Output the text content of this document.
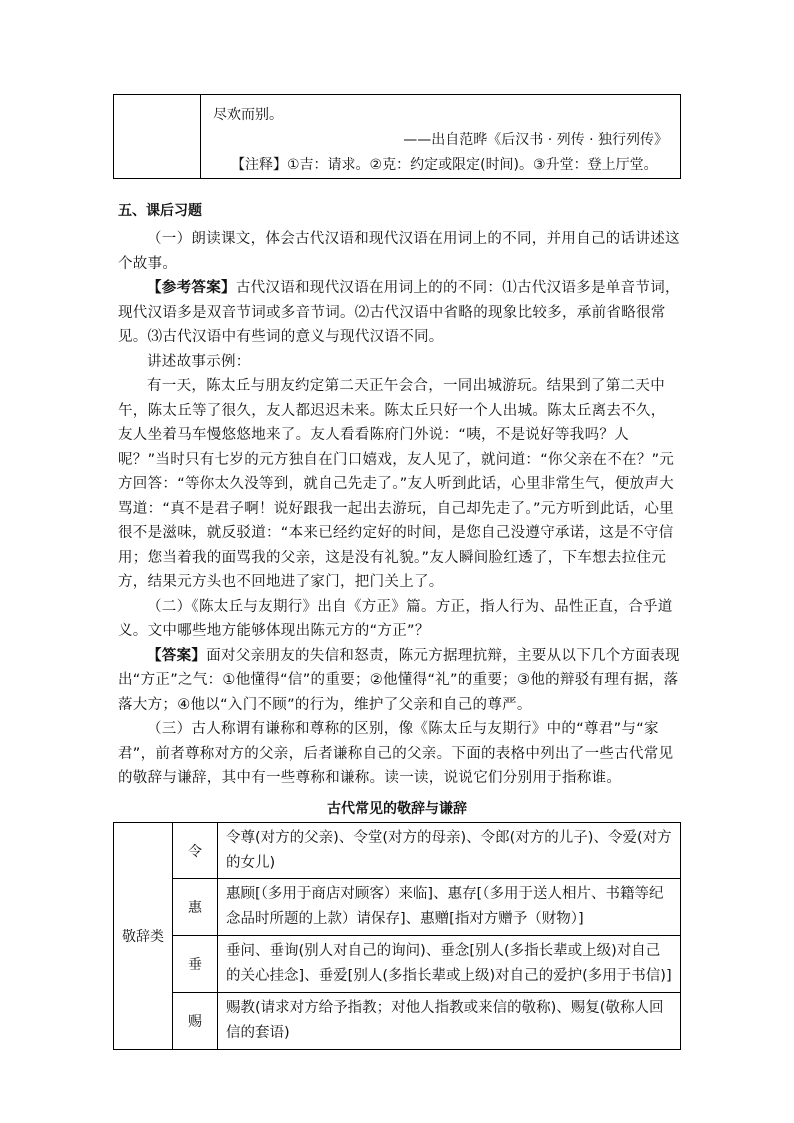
尽欢而别。
——出自范晔《后汉书 · 列传 · 独行列传》
【注释】①吉：请求。②克：约定或限定(时间)。③升堂：登上厅堂。
五、课后习题

（一）朗读课文，体会古代汉语和现代汉语在用词上的不同，并用自己的话讲述这个故事。

【参考答案】古代汉语和现代汉语在用词上的的不同：⑴古代汉语多是单音节词，现代汉语多是双音节词或多音节词。⑵古代汉语中省略的现象比较多，承前省略很常见。⑶古代汉语中有些词的意义与现代汉语不同。

讲述故事示例：

有一天，陈太丘与朋友约定第二天正午会合，一同出城游玩。结果到了第二天中午，陈太丘等了很久，友人都迟迟未来。陈太丘只好一个人出城。陈太丘离去不久，友人坐着马车慢悠悠地来了。友人看看陈府门外说：“咦，不是说好等我吗？人呢？”当时只有七岁的元方独自在门口嬉戏，友人见了，就问道：“你父亲在不在？”元方回答：“等你太久没等到，就自己先走了。”友人听到此话，心里非常生气，便放声大骂道：“真不是君子啊！说好跟我一起出去游玩，自己却先走了。”元方听到此话，心里很不是滋味，就反驳道：“本来已经约定好的时间，是您自己没遵守承诺，这是不守信用；您当着我的面骂我的父亲，这是没有礼貌。”友人瞬间脸红透了，下车想去拉住元方，结果元方头也不回地进了家门，把门关上了。

（二）《陈太丘与友期行》出自《方正》篇。方正，指人行为、品性正直，合乎道义。文中哪些地方能够体现出陈元方的“方正”？

【答案】面对父亲朋友的失信和怒责，陈元方据理抗辩，主要从以下几个方面表现出“方正”之气：①他懂得“信”的重要；②他懂得“礼”的重要；③他的辩驳有理有据，落落大方；④他以“入门不顾”的行为，维护了父亲和自己的尊严。

（三）古人称谓有谦称和尊称的区别，像《陈太丘与友期行》中的“尊君”与“家君”，前者尊称对方的父亲，后者谦称自己的父亲。下面的表格中列出了一些古代常见的敬辞与谦辞，其中有一些尊称和谦称。读一读，说说它们分别用于指称谁。

古代常见的敬辞与谦辞
敬辞类	令	令尊(对方的父亲)、令堂(对方的母亲)、令郎(对方的儿子)、令爱(对方的女儿)
	惠	惠顾[（多用于商店对顾客）来临]、惠存[（多用于送人相片、书籍等纪念品时所题的上款）请保存]、惠赠[指对方赠予（财物）]
	垂	垂问、垂询(别人对自己的询问)、垂念[别人(多指长辈或上级)对自己的关心挂念]、垂爱[别人(多指长辈或上级)对自己的爱护(多用于书信)]
	赐	赐教(请求对方给予指教；对他人指教或来信的敬称)、赐复(敬称人回信的套语)
